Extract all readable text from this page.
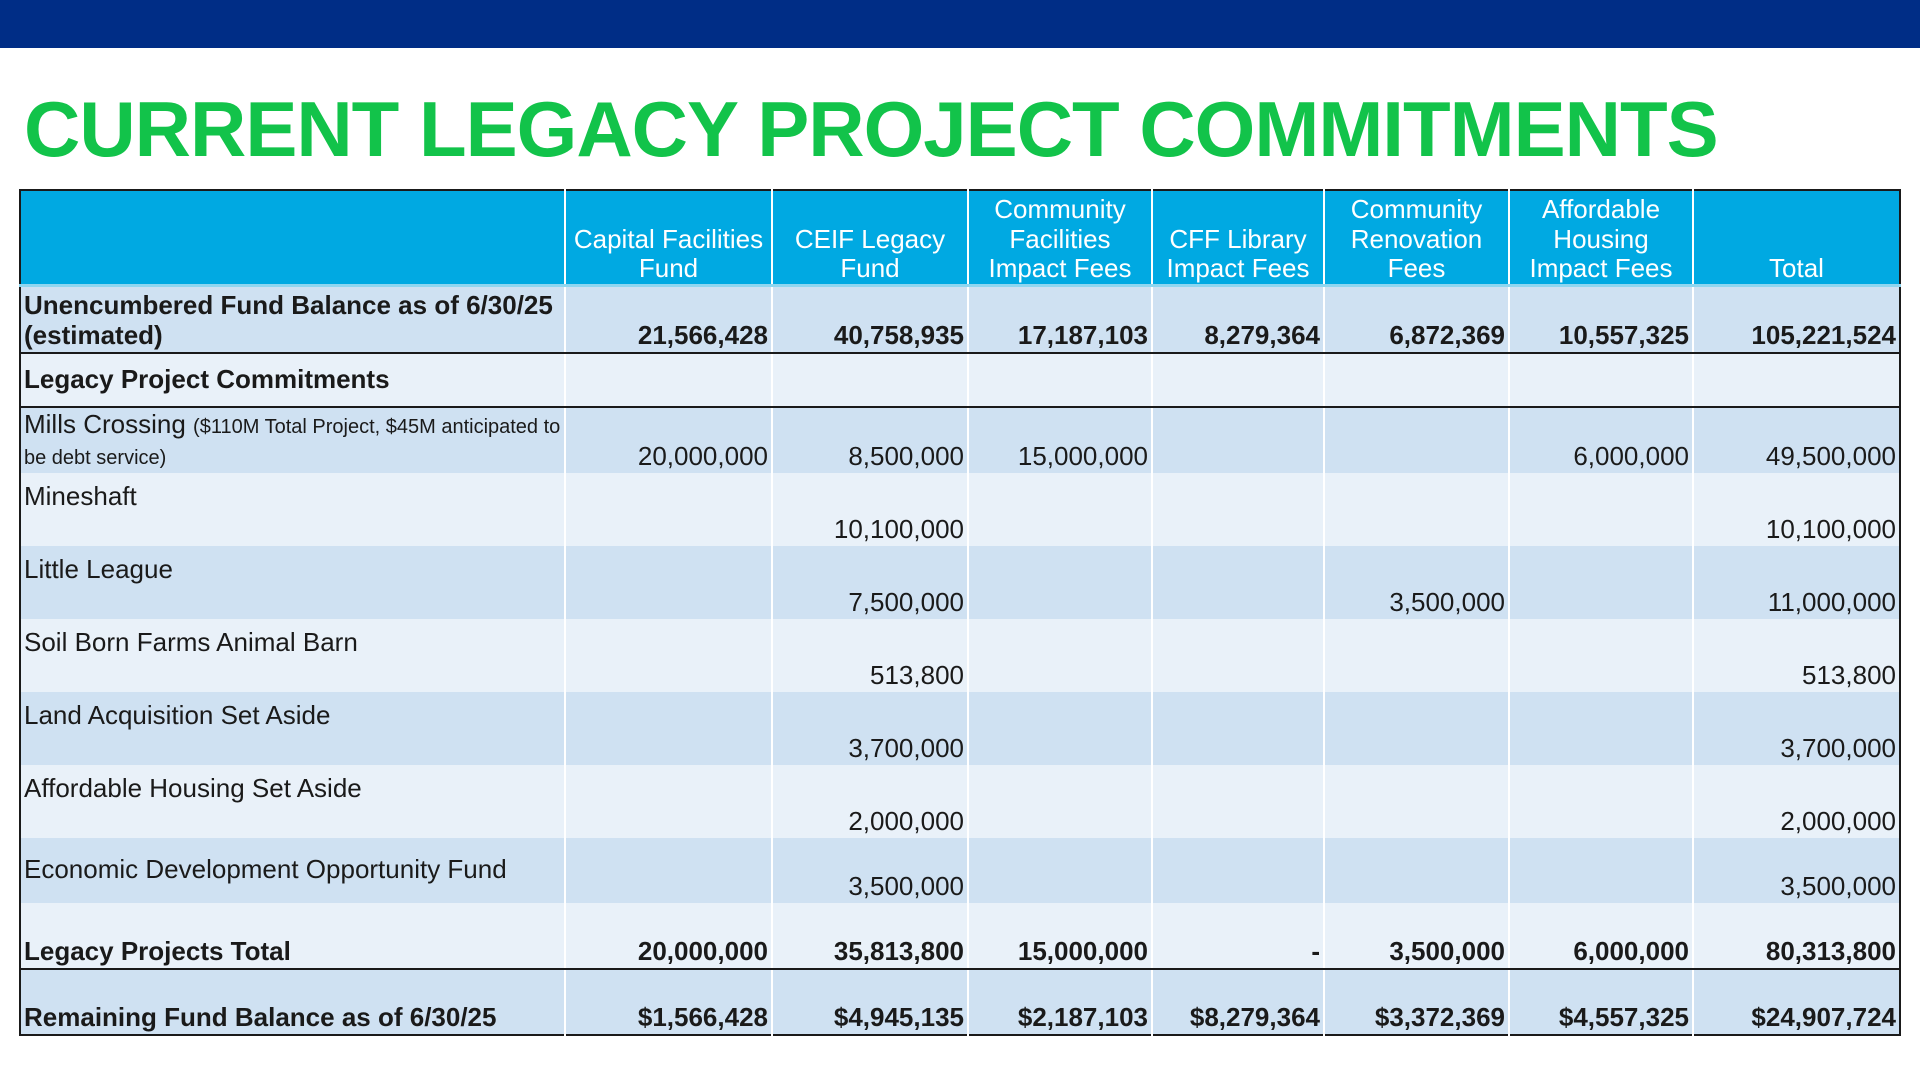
CURRENT LEGACY PROJECT COMMITMENTS
	Capital Facilities Fund	CEIF Legacy Fund	Community Facilities Impact Fees	CFF Library Impact Fees	Community Renovation Fees	Affordable Housing Impact Fees	Total
Unencumbered Fund Balance as of 6/30/25 (estimated)	21,566,428	40,758,935	17,187,103	8,279,364	6,872,369	10,557,325	105,221,524
Legacy Project Commitments							
Mills Crossing ($110M Total Project, $45M anticipated to be debt service)	20,000,000	8,500,000	15,000,000			6,000,000	49,500,000
Mineshaft		10,100,000					10,100,000
Little League		7,500,000			3,500,000		11,000,000
Soil Born Farms Animal Barn		513,800					513,800
Land Acquisition Set Aside		3,700,000					3,700,000
Affordable Housing Set Aside		2,000,000					2,000,000
Economic Development Opportunity Fund		3,500,000					3,500,000
Legacy Projects Total	20,000,000	35,813,800	15,000,000	-	3,500,000	6,000,000	80,313,800
Remaining Fund Balance as of 6/30/25	$1,566,428	$4,945,135	$2,187,103	$8,279,364	$3,372,369	$4,557,325	$24,907,724
